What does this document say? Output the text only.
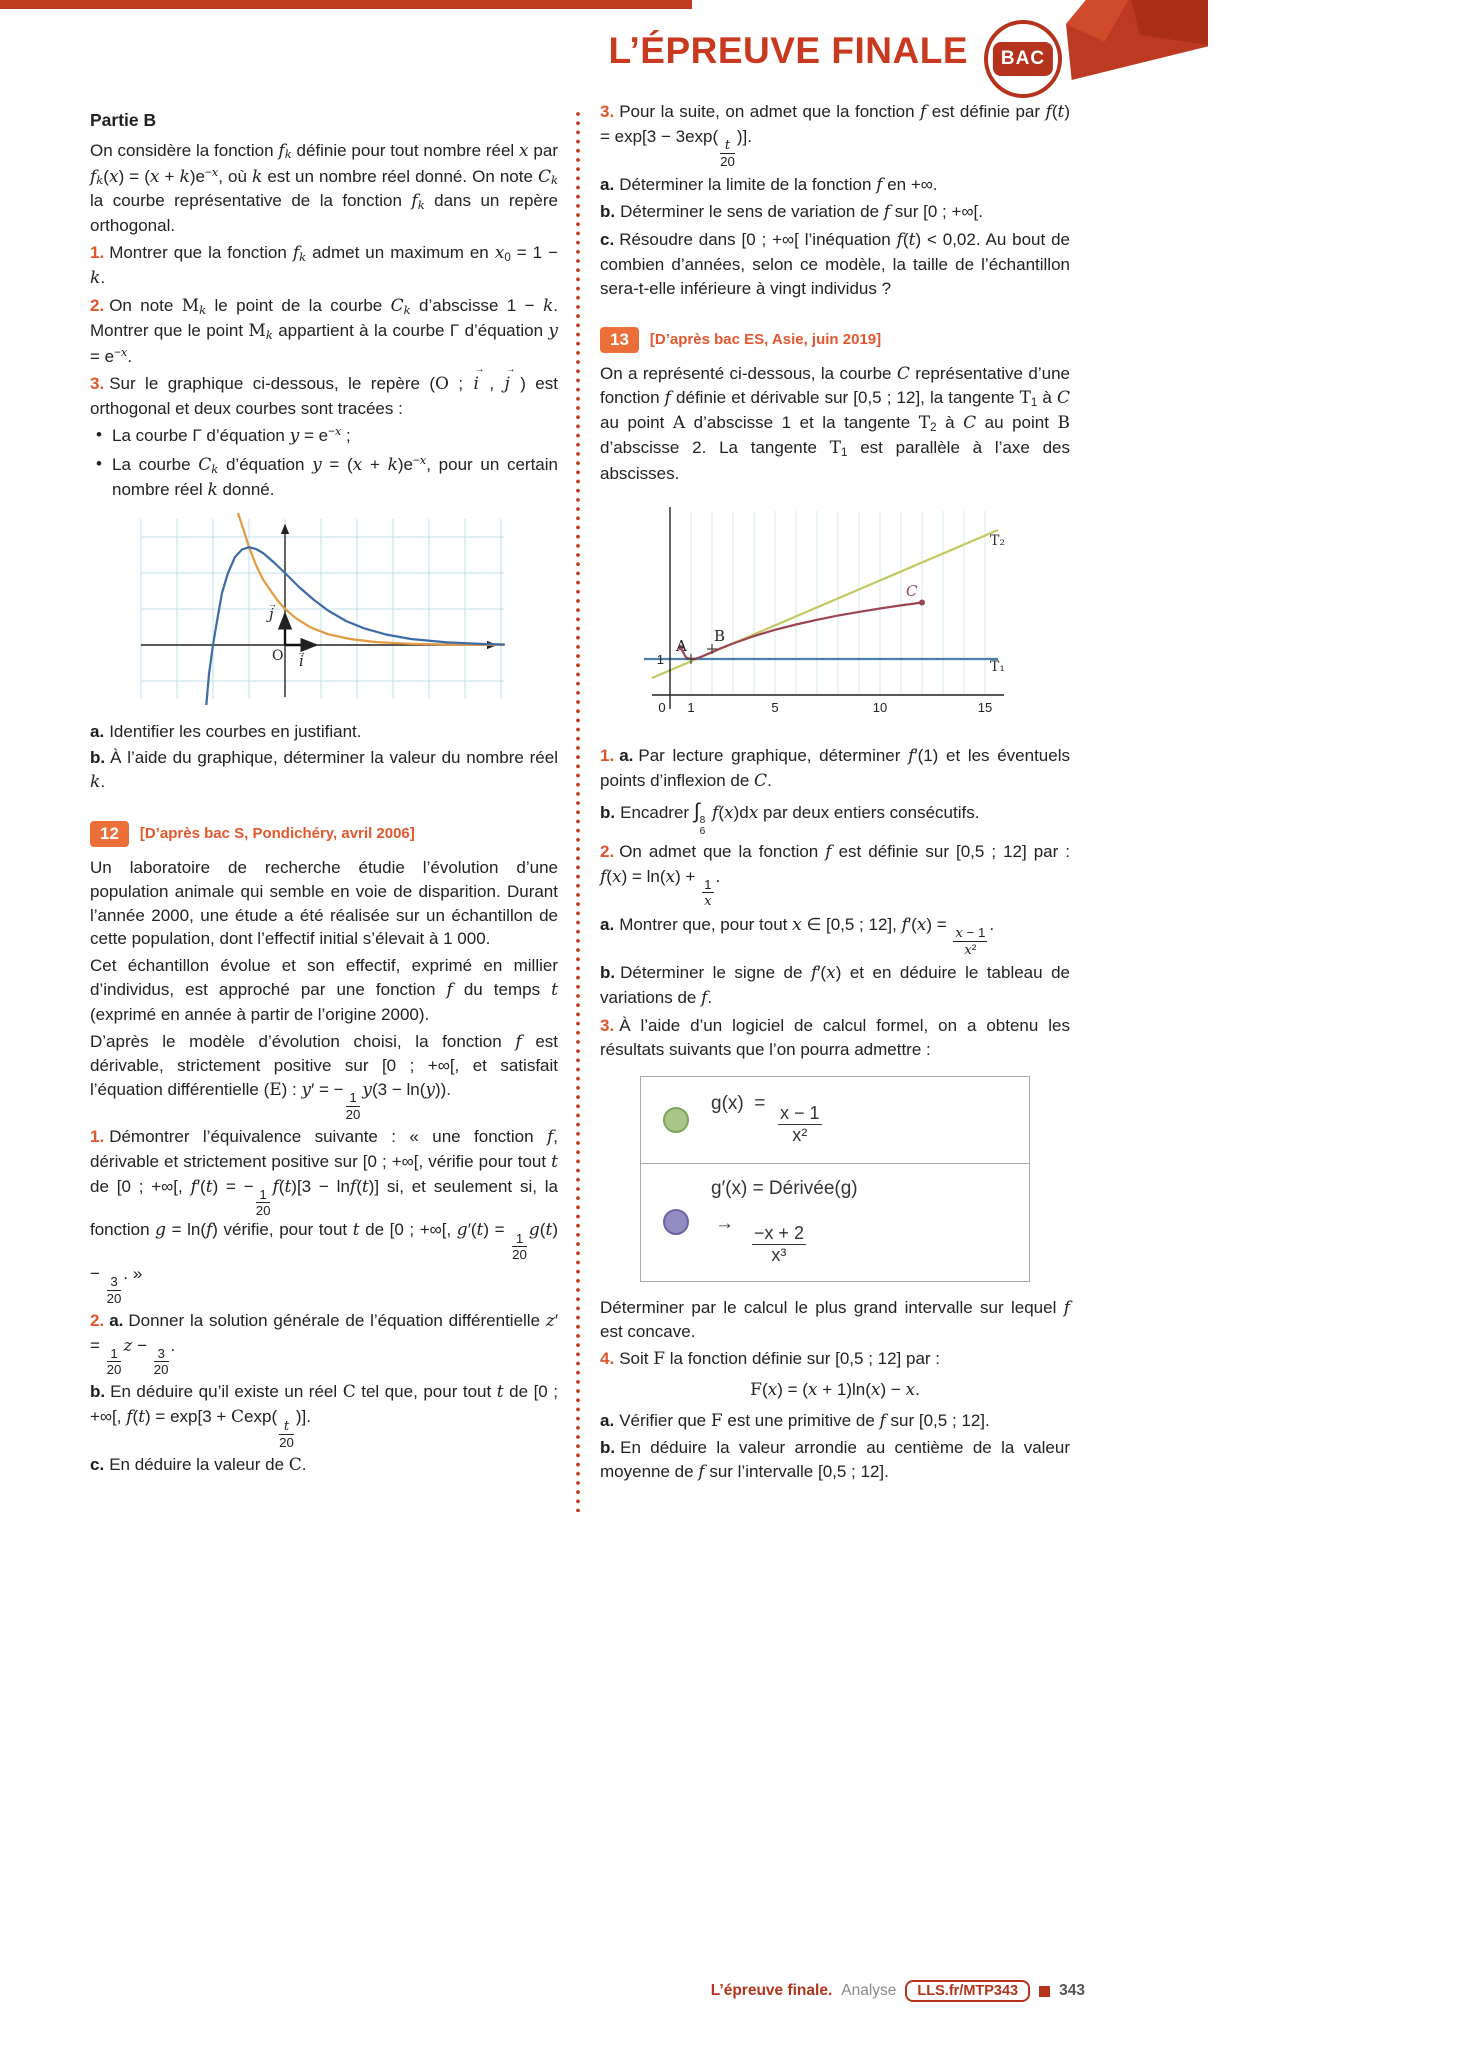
L’ÉPREUVE FINALE	BAC

Partie B

On considère la fonction $f_k$ définie pour tout nombre réel x par $f_k(x) = (x + k)e^{-x}$, où k est un nombre réel donné. On note $C_k$ la courbe représentative de la fonction $f_k$ dans un repère orthogonal.

1. Montrer que la fonction $f_k$ admet un maximum en $x_0 = 1 - k$.

2. On note $M_k$ le point de la courbe $C_k$ d’abscisse 1 − k. Montrer que le point $M_k$ appartient à la courbe Γ d’équation $y = e^{-x}$.

3. Sur le graphique ci-dessous, le repère (O ; → i , → j ) est orthogonal et deux courbes sont tracées :

• La courbe Γ d’équation $y = e^{-x}$ ;

• La courbe $C_k$ d’équation $y = (x + k)e^{-x}$, pour un certain nombre réel k donné.

O i
→
j
→

a. Identifier les courbes en justifiant.

b. À l’aide du graphique, déterminer la valeur du nombre réel k.

12	[D’après bac S, Pondichéry, avril 2006]

Un laboratoire de recherche étudie l’évolution d’une population animale qui semble en voie de disparition. Durant l’année 2000, une étude a été réalisée sur un échantillon de cette population, dont l’effectif initial s’élevait à 1 000.

Cet échantillon évolue et son effectif, exprimé en millier d’individus, est approché par une fonction f du temps t (exprimé en année à partir de l’origine 2000).

D’après le modèle d’évolution choisi, la fonction f est dérivable, strictement positive sur [0 ; +∞[, et satisfait l’équation différentielle (E) : y′ = −
$\frac{1}{20}$
y(3 − ln(y)).

1. Démontrer l’équivalence suivante : « une fonction f, dérivable et strictement positive sur [0 ; +∞[, vérifie pour tout t de [0 ; +∞[, f′(t) = −
$\frac{1}{20}$
f(t)[3 − lnf(t)] si, et seulement si, la fonction g = ln(f) vérifie, pour tout t de [0 ; +∞[, g′(t) =
$\frac{1}{20}$
g(t) −
$\frac{3}{20}$
. »

2. a. Donner la solution générale de l’équation différentielle z′ =
$\frac{1}{20}$
z −
$\frac{3}{20}$
.

b. En déduire qu’il existe un réel C tel que, pour tout t de [0 ; +∞[, f(t) = exp[3 + Cexp(
$\frac{t}{20}$
)].

c. En déduire la valeur de C.

3. Pour la suite, on admet que la fonction f est définie par f(t) = exp[3 − 3exp(
$\frac{t}{20}$
)].

a. Déterminer la limite de la fonction f en +∞.

b. Déterminer le sens de variation de f sur [0 ; +∞[.

c. Résoudre dans [0 ; +∞[ l’inéquation f(t) < 0,02. Au bout de combien d’années, selon ce modèle, la taille de l’échantillon sera-t-elle inférieure à vingt individus ?

13	[D’après bac ES, Asie, juin 2019]

On a représenté ci-dessous, la courbe C représentative d’une fonction f définie et dérivable sur [0,5 ; 12], la tangente $T_1$ à C au point A d’abscisse 1 et la tangente $T_2$ à C au point B d’abscisse 2. La tangente $T_1$ est parallèle à l’axe des abscisses.

A
B
C
T₂
T₁
1
0 1	5	10	15

1. a. Par lecture graphique, déterminer f′(1) et les éventuels points d’inflexion de C.

b. Encadrer ∫ 8
6
f(x)dx par deux entiers consécutifs.

2. On admet que la fonction f est définie sur [0,5 ; 12] par : f(x) = ln(x) +
$\frac{1}{x}$
.

a. Montrer que, pour tout x ∈ [0,5 ; 12], f′(x) =
$\frac{x - 1}{\text{x²}}$
.

b. Déterminer le signe de f′(x) et en déduire le tableau de variations de f.

3. À l’aide d’un logiciel de calcul formel, on a obtenu les résultats suivants que l’on pourra admettre :

$g(x) = \frac{x - 1}{\text{x²}}$
g′(x) = Dérivée(g)
→ $\frac{-x + 2}{\text{x³}}$

Déterminer par le calcul le plus grand intervalle sur lequel f est concave.

4. Soit F la fonction définie sur [0,5 ; 12] par :

F(x) = (x + 1)ln(x) − x.

a. Vérifier que F est une primitive de f sur [0,5 ; 12].

b. En déduire la valeur arrondie au centième de la valeur moyenne de f sur l’intervalle [0,5 ; 12].

L’épreuve finale. Analyse	LLS.fr/MTP343	343
